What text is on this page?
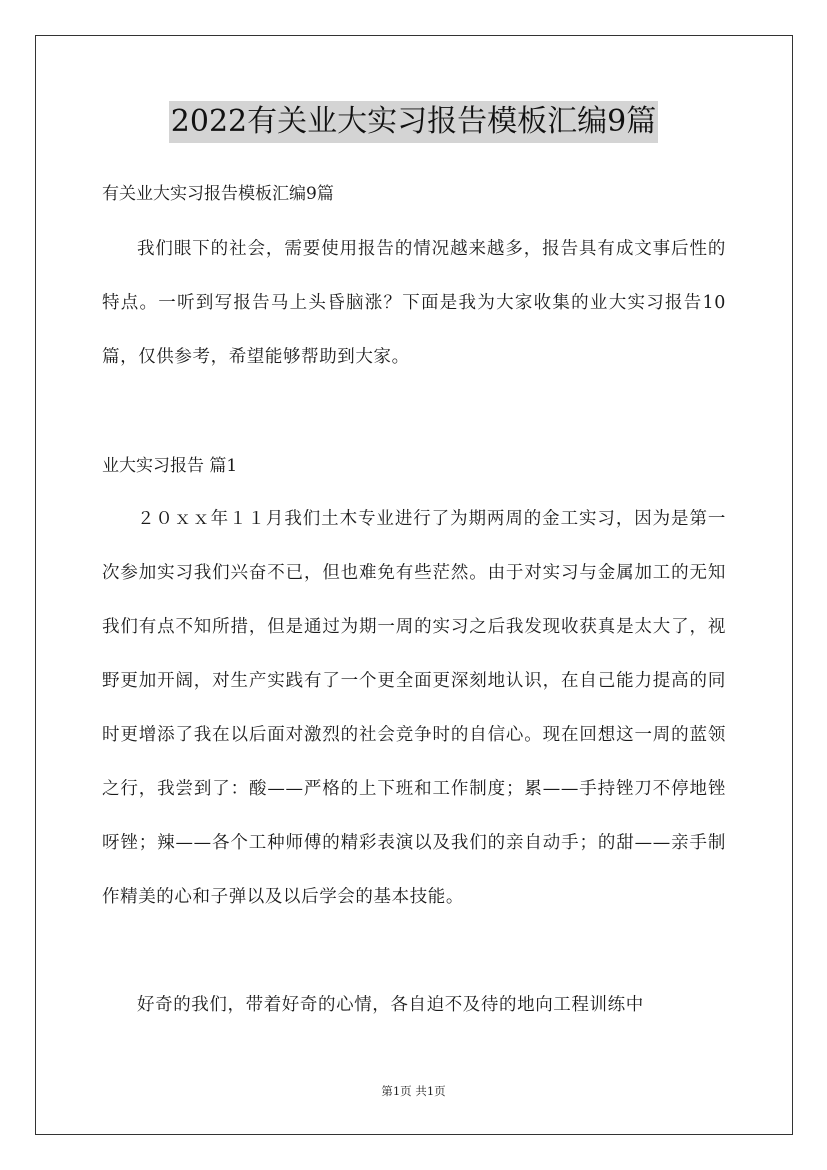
2022有关业大实习报告模板汇编9篇

有关业大实习报告模板汇编9篇

我们眼下的社会，需要使用报告的情况越来越多，报告具有成文事后性的特点。一听到写报告马上头昏脑涨？下面是我为大家收集的业大实习报告10篇，仅供参考，希望能够帮助到大家。

业大实习报告 篇1

２０ｘｘ年１１月我们土木专业进行了为期两周的金工实习，因为是第一次参加实习我们兴奋不已，但也难免有些茫然。由于对实习与金属加工的无知我们有点不知所措，但是通过为期一周的实习之后我发现收获真是太大了，视野更加开阔，对生产实践有了一个更全面更深刻地认识，在自己能力提高的同时更增添了我在以后面对激烈的社会竞争时的自信心。现在回想这一周的蓝领之行，我尝到了：酸——严格的上下班和工作制度；累——手持锉刀不停地锉呀锉；辣——各个工种师傅的精彩表演以及我们的亲自动手；的甜——亲手制作精美的心和子弹以及以后学会的基本技能。

好奇的我们，带着好奇的心情，各自迫不及待的地向工程训练中

第1页 共1页
